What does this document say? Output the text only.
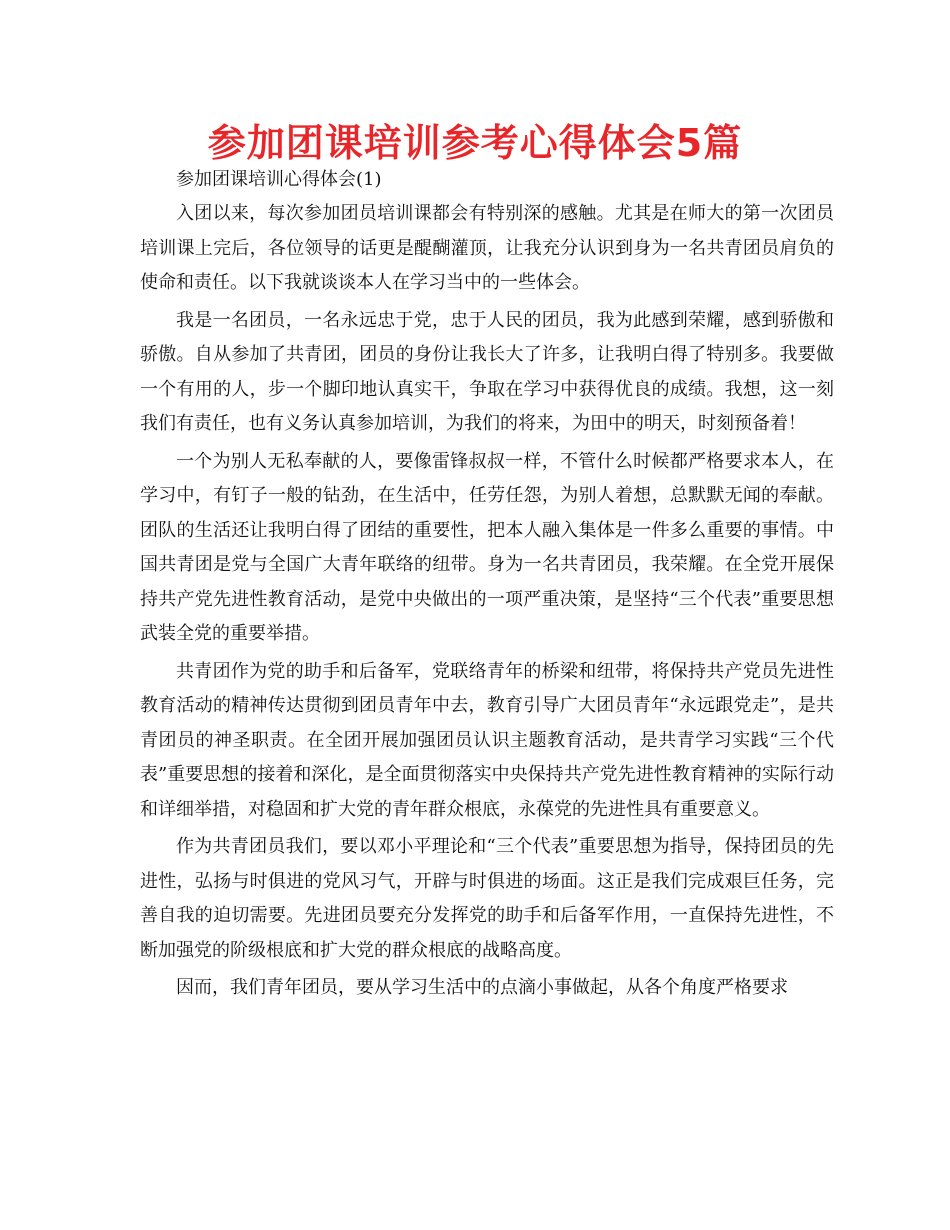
参加团课培训参考心得体会5篇
参加团课培训心得体会(1)

入团以来，每次参加团员培训课都会有特别深的感触。尤其是在师大的第一次团员培训课上完后，各位领导的话更是醍醐灌顶，让我充分认识到身为一名共青团员肩负的使命和责任。以下我就谈谈本人在学习当中的一些体会。

我是一名团员，一名永远忠于党，忠于人民的团员，我为此感到荣耀，感到骄傲和骄傲。自从参加了共青团，团员的身份让我长大了许多，让我明白得了特别多。我要做一个有用的人，步一个脚印地认真实干，争取在学习中获得优良的成绩。我想，这一刻我们有责任，也有义务认真参加培训，为我们的将来，为田中的明天，时刻预备着！

一个为别人无私奉献的人，要像雷锋叔叔一样，不管什么时候都严格要求本人，在学习中，有钉子一般的钻劲，在生活中，任劳任怨，为别人着想，总默默无闻的奉献。团队的生活还让我明白得了团结的重要性，把本人融入集体是一件多么重要的事情。中国共青团是党与全国广大青年联络的纽带。身为一名共青团员，我荣耀。在全党开展保持共产党先进性教育活动，是党中央做出的一项严重决策，是坚持“三个代表”重要思想武装全党的重要举措。

共青团作为党的助手和后备军，党联络青年的桥梁和纽带，将保持共产党员先进性教育活动的精神传达贯彻到团员青年中去，教育引导广大团员青年“永远跟党走”，是共青团员的神圣职责。在全团开展加强团员认识主题教育活动，是共青学习实践“三个代表”重要思想的接着和深化，是全面贯彻落实中央保持共产党先进性教育精神的实际行动和详细举措，对稳固和扩大党的青年群众根底，永葆党的先进性具有重要意义。

作为共青团员我们，要以邓小平理论和“三个代表”重要思想为指导，保持团员的先进性，弘扬与时俱进的党风习气，开辟与时俱进的场面。这正是我们完成艰巨任务，完善自我的迫切需要。先进团员要充分发挥党的助手和后备军作用，一直保持先进性，不断加强党的阶级根底和扩大党的群众根底的战略高度。

因而，我们青年团员，要从学习生活中的点滴小事做起，从各个角度严格要求
